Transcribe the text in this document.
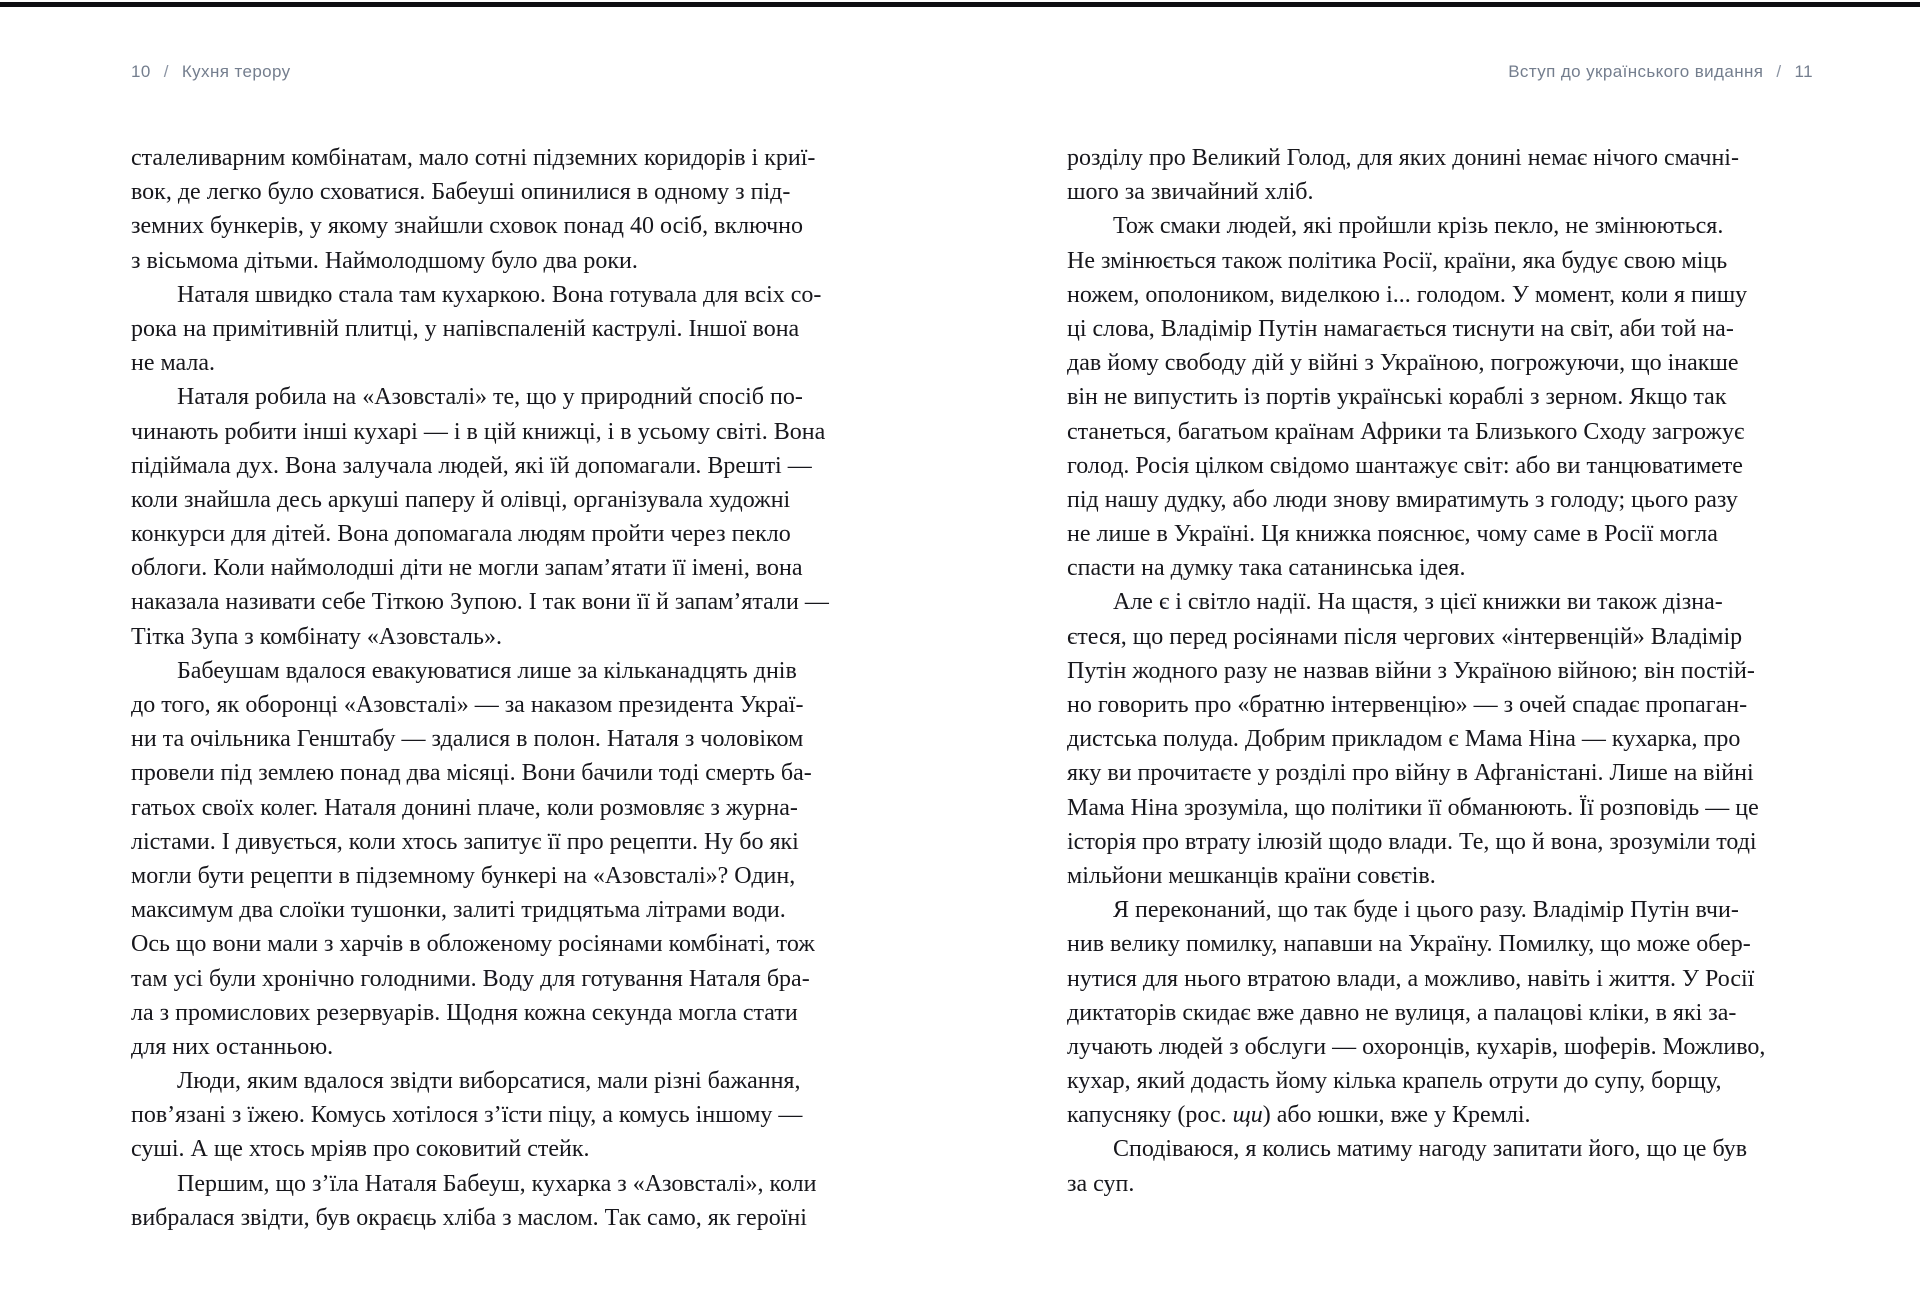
10 / Кухня терору	Вступ до українського видання / 11
сталеливарним комбінатам, мало сотні підземних коридорів і криї-
вок, де легко було сховатися. Бабеуші опинилися в одному з під-
земних бункерів, у якому знайшли сховок понад 40 осіб, включно
з вісьмома дітьми. Наймолодшому було два роки.
Наталя швидко стала там кухаркою. Вона готувала для всіх со-
рока на примітивній плитці, у напівспаленій каструлі. Іншої вона
не мала.
Наталя робила на «Азовсталі» те, що у природний спосіб по-
чинають робити інші кухарі — і в цій книжці, і в усьому світі. Вона
підіймала дух. Вона залучала людей, які їй допомагали. Врешті —
коли знайшла десь аркуші паперу й олівці, організувала художні
конкурси для дітей. Вона допомагала людям пройти через пекло
облоги. Коли наймолодші діти не могли запам’ятати її імені, вона
наказала називати себе Тіткою Зупою. І так вони її й запам’ятали —
Тітка Зупа з комбінату «Азовсталь».
Бабеушам вдалося евакуюватися лише за кільканадцять днів
до того, як оборонці «Азовсталі» — за наказом президента Украї-
ни та очільника Генштабу — здалися в полон. Наталя з чоловіком
провели під землею понад два місяці. Вони бачили тоді смерть ба-
гатьох своїх колег. Наталя донині плаче, коли розмовляє з журна-
лістами. І дивується, коли хтось запитує її про рецепти. Ну бо які
могли бути рецепти в підземному бункері на «Азовсталі»? Один,
максимум два слоїки тушонки, залиті тридцятьма літрами води.
Ось що вони мали з харчів в обложеному росіянами комбінаті, тож
там усі були хронічно голодними. Воду для готування Наталя бра-
ла з промислових резервуарів. Щодня кожна секунда могла стати
для них останньою.
Люди, яким вдалося звідти виборсатися, мали різні бажання,
пов’язані з їжею. Комусь хотілося з’їсти піцу, а комусь іншому —
суші. А ще хтось мріяв про соковитий стейк.
Першим, що з’їла Наталя Бабеуш, кухарка з «Азовсталі», коли
вибралася звідти, був окраєць хліба з маслом. Так само, як героїні
розділу про Великий Голод, для яких донині немає нічого смачні-
шого за звичайний хліб.
Тож смаки людей, які пройшли крізь пекло, не змінюються.
Не змінюється також політика Росії, країни, яка будує свою міць
ножем, ополоником, виделкою і... голодом. У момент, коли я пишу
ці слова, Владімір Путін намагається тиснути на світ, аби той на-
дав йому свободу дій у війні з Україною, погрожуючи, що інакше
він не випустить із портів українські кораблі з зерном. Якщо так
станеться, багатьом країнам Африки та Близького Сходу загрожує
голод. Росія цілком свідомо шантажує світ: або ви танцюватимете
під нашу дудку, або люди знову вмиратимуть з голоду; цього разу
не лише в Україні. Ця книжка пояснює, чому саме в Росії могла
спасти на думку така сатанинська ідея.
Але є і світло надії. На щастя, з цієї книжки ви також дізна-
єтеся, що перед росіянами після чергових «інтервенцій» Владімір
Путін жодного разу не назвав війни з Україною війною; він постій-
но говорить про «братню інтервенцію» — з очей спадає пропаган-
дистська полуда. Добрим прикладом є Мама Ніна — кухарка, про
яку ви прочитаєте у розділі про війну в Афганістані. Лише на війні
Мама Ніна зрозуміла, що політики її обманюють. Її розповідь — це
історія про втрату ілюзій щодо влади. Те, що й вона, зрозуміли тоді
мільйони мешканців країни совєтів.
Я переконаний, що так буде і цього разу. Владімір Путін вчи-
нив велику помилку, напавши на Україну. Помилку, що може обер-
нутися для нього втратою влади, а можливо, навіть і життя. У Росії
диктаторів скидає вже давно не вулиця, а палацові кліки, в які за-
лучають людей з обслуги — охоронців, кухарів, шоферів. Можливо,
кухар, який додасть йому кілька крапель отрути до супу, борщу,
капусняку (рос. щи) або юшки, вже у Кремлі.
Сподіваюся, я колись матиму нагоду запитати його, що це був
за суп.
